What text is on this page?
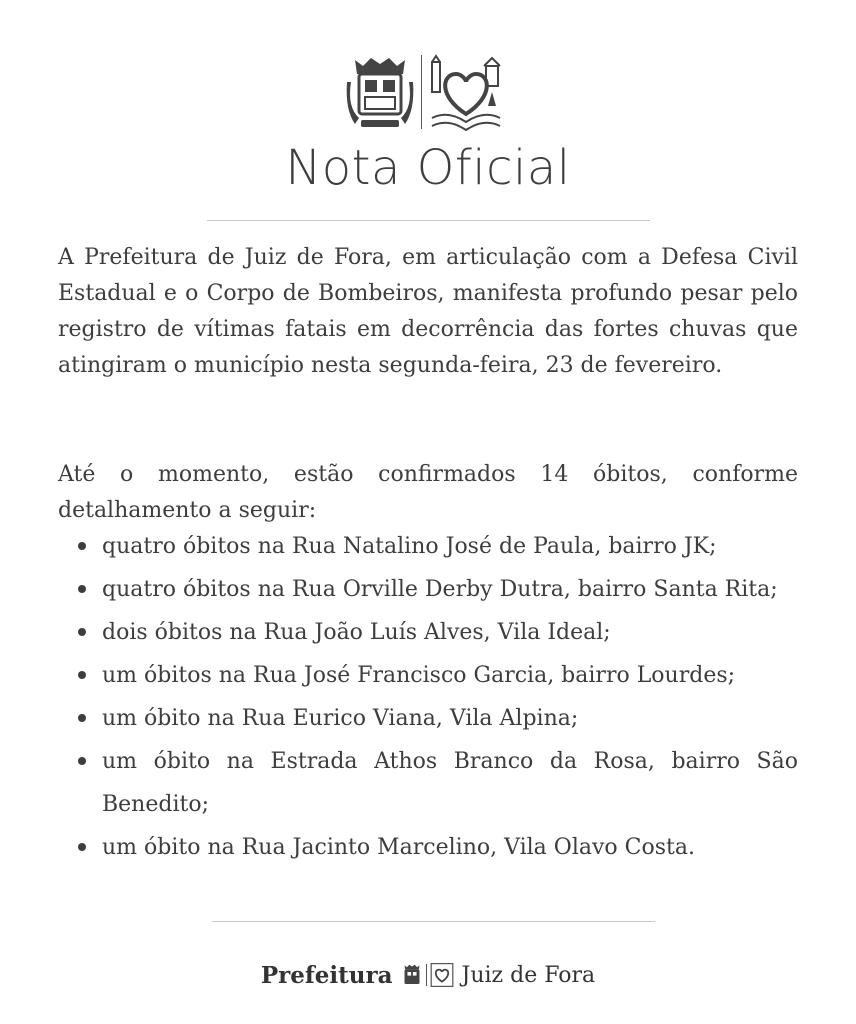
Nota Oficial

A Prefeitura de Juiz de Fora, em articulação com a Defesa Civil Estadual e o Corpo de Bombeiros, manifesta profundo pesar pelo registro de vítimas fatais em decorrência das fortes chuvas que atingiram o município nesta segunda-feira, 23 de fevereiro.

Até o momento, estão confirmados 14 óbitos, conforme detalhamento a seguir:

quatro óbitos na Rua Natalino José de Paula, bairro JK;
quatro óbitos na Rua Orville Derby Dutra, bairro Santa Rita;
dois óbitos na Rua João Luís Alves, Vila Ideal;
um óbitos na Rua José Francisco Garcia, bairro Lourdes;
um óbito na Rua Eurico Viana, Vila Alpina;
um óbito na Estrada Athos Branco da Rosa, bairro São Benedito;
um óbito na Rua Jacinto Marcelino, Vila Olavo Costa.
Prefeitura	Juiz de Fora
